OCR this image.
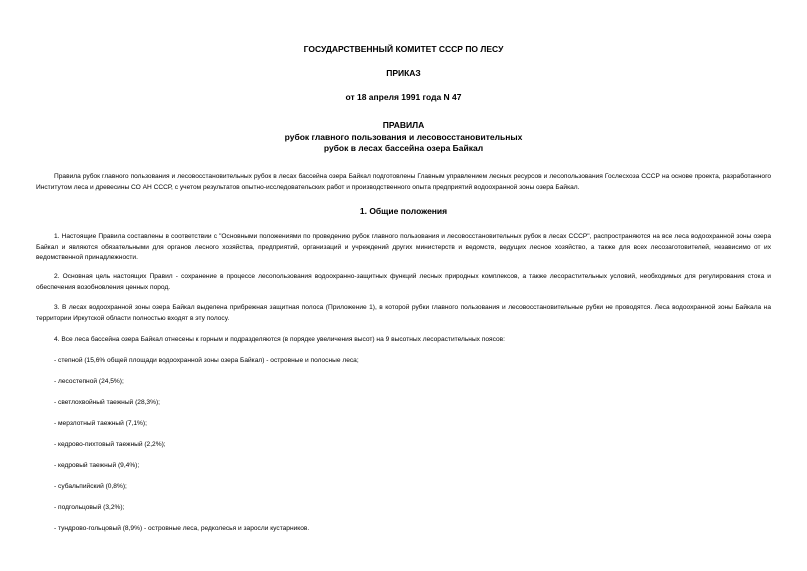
ГОСУДАРСТВЕННЫЙ КОМИТЕТ СССР ПО ЛЕСУ
ПРИКАЗ
от 18 апреля 1991 года N 47
ПРАВИЛА
рубок главного пользования и лесовосстановительных
рубок в лесах бассейна озера Байкал
Правила рубок главного пользования и лесовосстановительных рубок в лесах бассейна озера Байкал подготовлены Главным управлением лесных ресурсов и лесопользования Гослесхоза СССР на основе проекта, разработанного Институтом леса и древесины СО АН СССР, с учетом результатов опытно-исследовательских работ и производственного опыта предприятий водоохранной зоны озера Байкал.
1. Общие положения
1. Настоящие Правила составлены в соответствии с "Основными положениями по проведению рубок главного пользования и лесовосстановительных рубок в лесах СССР", распространяются на все леса водоохранной зоны озера Байкал и являются обязательными для органов лесного хозяйства, предприятий, организаций и учреждений других министерств и ведомств, ведущих лесное хозяйство, а также для всех лесозаготовителей, независимо от их ведомственной принадлежности.
2. Основная цель настоящих Правил - сохранение в процессе лесопользования водоохранно-защитных функций лесных природных комплексов, а также лесорастительных условий, необходимых для регулирования стока и обеспечения возобновления ценных пород.
3. В лесах водоохранной зоны озера Байкал выделена прибрежная защитная полоса (Приложение 1), в которой рубки главного пользования и лесовосстановительные рубки не проводятся. Леса водоохранной зоны Байкала на территории Иркутской области полностью входят в эту полосу.
4. Все леса бассейна озера Байкал отнесены к горным и подразделяются (в порядке увеличения высот) на 9 высотных лесорастительных поясов:
- степной (15,6% общей площади водоохранной зоны озера Байкал) - островные и полосные леса;
- лесостепной (24,5%);
- светлохвойный таежный (28,3%);
- мерзлотный таежный (7,1%);
- кедрово-пихтовый таежный (2,2%);
- кедровый таежный (9,4%);
- субальпийский (0,8%);
- подгольцовый (3,2%);
- тундрово-гольцовый (8,9%) - островные леса, редколесья и заросли кустарников.
